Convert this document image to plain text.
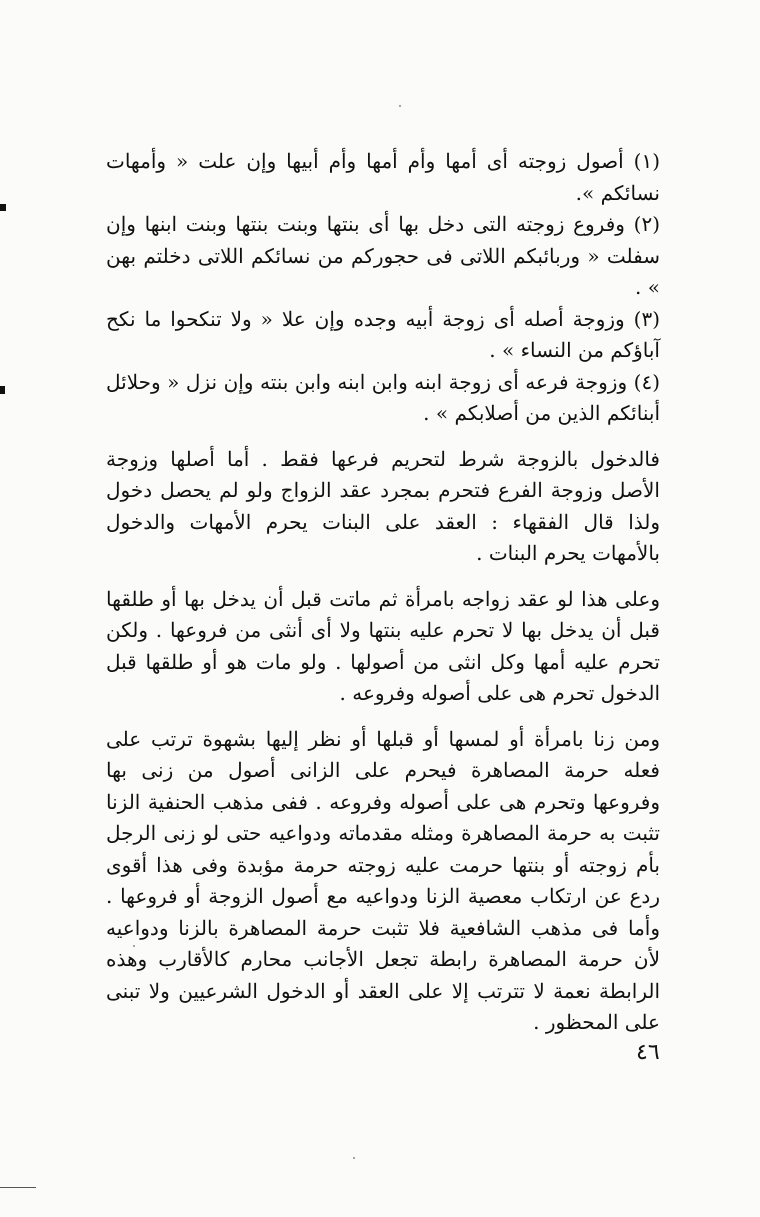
(١) أصول زوجته أى أمها وأم أمها وأم أبيها وإن علت « وأمهات نسائكم ».

(٢) وفروع زوجته التى دخل بها أى بنتها وبنت بنتها وبنت ابنها وإن سفلت « وربائبكم اللاتى فى حجوركم من نسائكم اللاتى دخلتم بهن » .

(٣) وزوجة أصله أى زوجة أبيه وجده وإن علا « ولا تنكحوا ما نكح آباؤكم من النساء » .

(٤) وزوجة فرعه أى زوجة ابنه وابن ابنه وابن بنته وإن نزل « وحلائل أبنائكم الذين من أصلابكم » .

فالدخول بالزوجة شرط لتحريم فرعها فقط . أما أصلها وزوجة الأصل وزوجة الفرع فتحرم بمجرد عقد الزواج ولو لم يحصل دخول ولذا قال الفقهاء : العقد على البنات يحرم الأمهات والدخول بالأمهات يحرم البنات .

وعلى هذا لو عقد زواجه بامرأة ثم ماتت قبل أن يدخل بها أو طلقها قبل أن يدخل بها لا تحرم عليه بنتها ولا أى أنثى من فروعها . ولكن تحرم عليه أمها وكل انثى من أصولها . ولو مات هو أو طلقها قبل الدخول تحرم هى على أصوله وفروعه .

ومن زنا بامرأة أو لمسها أو قبلها أو نظر إليها بشهوة ترتب على فعله حرمة المصاهرة فيحرم على الزانى أصول من زنى بها وفروعها وتحرم هى على أصوله وفروعه . ففى مذهب الحنفية الزنا تثبت به حرمة المصاهرة ومثله مقدماته ودواعيه حتى لو زنى الرجل بأم زوجته أو بنتها حرمت عليه زوجته حرمة مؤبدة وفى هذا أقوى ردع عن ارتكاب معصية الزنا ودواعيه مع أصول الزوجة أو فروعها . وأما فى مذهب الشافعية فلا تثبت حرمة المصاهرة بالزنا ودواعيه لأن حرمة المصاهرة رابطة تجعل الأجانب محارم كالأقارب وهذه الرابطة نعمة لا تترتب إلا على العقد أو الدخول الشرعيين ولا تبنى على المحظور .

٤٦
